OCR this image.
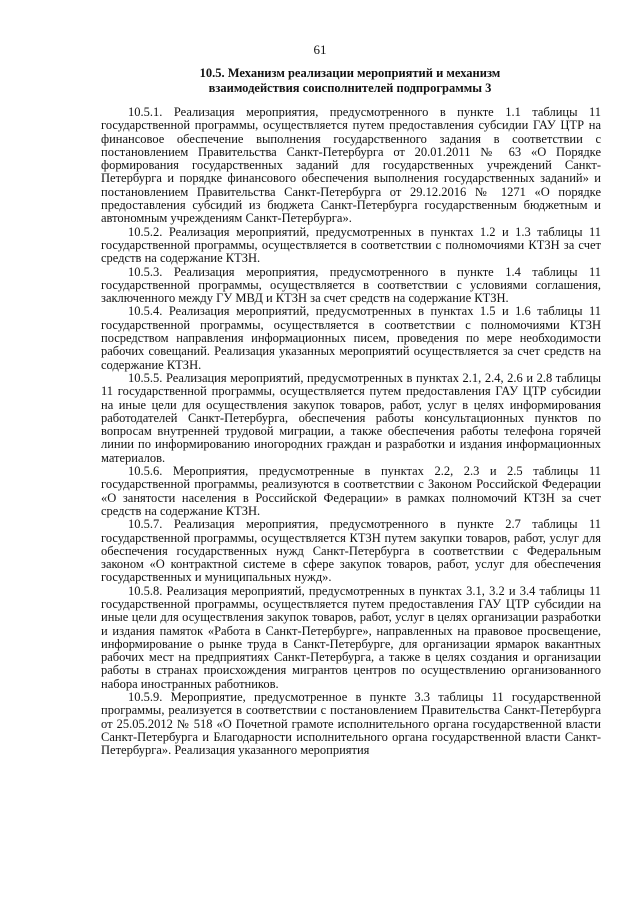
61
10.5. Механизм реализации мероприятий и механизм
взаимодействия соисполнителей подпрограммы 3

10.5.1. Реализация мероприятия, предусмотренного в пункте 1.1 таблицы 11 государственной программы, осуществляется путем предоставления субсидии ГАУ ЦТР на финансовое обеспечение выполнения государственного задания в соответствии с постановлением Правительства Санкт-Петербурга от 20.01.2011 № 63 «О Порядке формирования государственных заданий для государственных учреждений Санкт-Петербурга и порядке финансового обеспечения выполнения государственных заданий» и постановлением Правительства Санкт-Петербурга от 29.12.2016 № 1271 «О порядке предоставления субсидий из бюджета Санкт-Петербурга государственным бюджетным и автономным учреждениям Санкт-Петербурга».

10.5.2. Реализация мероприятий, предусмотренных в пунктах 1.2 и 1.3 таблицы 11 государственной программы, осуществляется в соответствии с полномочиями КТЗН за счет средств на содержание КТЗН.

10.5.3. Реализация мероприятия, предусмотренного в пункте 1.4 таблицы 11 государственной программы, осуществляется в соответствии с условиями соглашения, заключенного между ГУ МВД и КТЗН за счет средств на содержание КТЗН.

10.5.4. Реализация мероприятий, предусмотренных в пунктах 1.5 и 1.6 таблицы 11 государственной программы, осуществляется в соответствии с полномочиями КТЗН посредством направления информационных писем, проведения по мере необходимости рабочих совещаний. Реализация указанных мероприятий осуществляется за счет средств на содержание КТЗН.

10.5.5. Реализация мероприятий, предусмотренных в пунктах 2.1, 2.4, 2.6 и 2.8 таблицы 11 государственной программы, осуществляется путем предоставления ГАУ ЦТР субсидии на иные цели для осуществления закупок товаров, работ, услуг в целях информирования работодателей Санкт-Петербурга, обеспечения работы консультационных пунктов по вопросам внутренней трудовой миграции, а также обеспечения работы телефона горячей линии по информированию иногородних граждан и разработки и издания информационных материалов.

10.5.6. Мероприятия, предусмотренные в пунктах 2.2, 2.3 и 2.5 таблицы 11 государственной программы, реализуются в соответствии с Законом Российской Федерации «О занятости населения в Российской Федерации» в рамках полномочий КТЗН за счет средств на содержание КТЗН.

10.5.7. Реализация мероприятия, предусмотренного в пункте 2.7 таблицы 11 государственной программы, осуществляется КТЗН путем закупки товаров, работ, услуг для обеспечения государственных нужд Санкт-Петербурга в соответствии с Федеральным законом «О контрактной системе в сфере закупок товаров, работ, услуг для обеспечения государственных и муниципальных нужд».

10.5.8. Реализация мероприятий, предусмотренных в пунктах 3.1, 3.2 и 3.4 таблицы 11 государственной программы, осуществляется путем предоставления ГАУ ЦТР субсидии на иные цели для осуществления закупок товаров, работ, услуг в целях организации разработки и издания памяток «Работа в Санкт-Петербурге», направленных на правовое просвещение, информирование о рынке труда в Санкт-Петербурге, для организации ярмарок вакантных рабочих мест на предприятиях Санкт-Петербурга, а также в целях создания и организации работы в странах происхождения мигрантов центров по осуществлению организованного набора иностранных работников.

10.5.9. Мероприятие, предусмотренное в пункте 3.3 таблицы 11 государственной программы, реализуется в соответствии с постановлением Правительства Санкт-Петербурга от 25.05.2012 № 518 «О Почетной грамоте исполнительного органа государственной власти Санкт-Петербурга и Благодарности исполнительного органа государственной власти Санкт-Петербурга». Реализация указанного мероприятия
